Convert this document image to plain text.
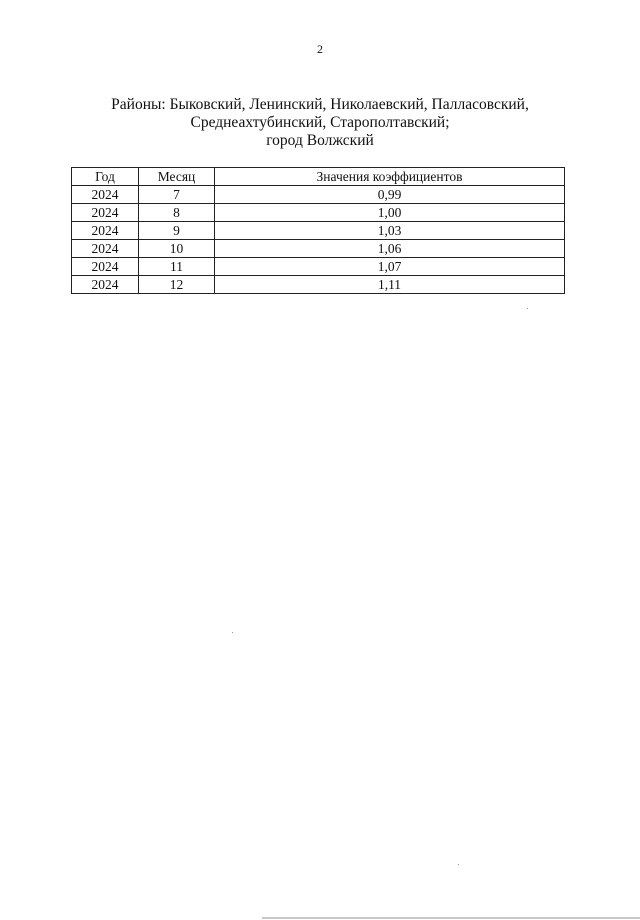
2
Районы: Быковский, Ленинский, Николаевский, Палласовский,
Среднеахтубинский, Старополтавский;
город Волжский
Год	Месяц	Значения коэффициентов
2024	7	0,99
2024	8	1,00
2024	9	1,03
2024	10	1,06
2024	11	1,07
2024	12	1,11
